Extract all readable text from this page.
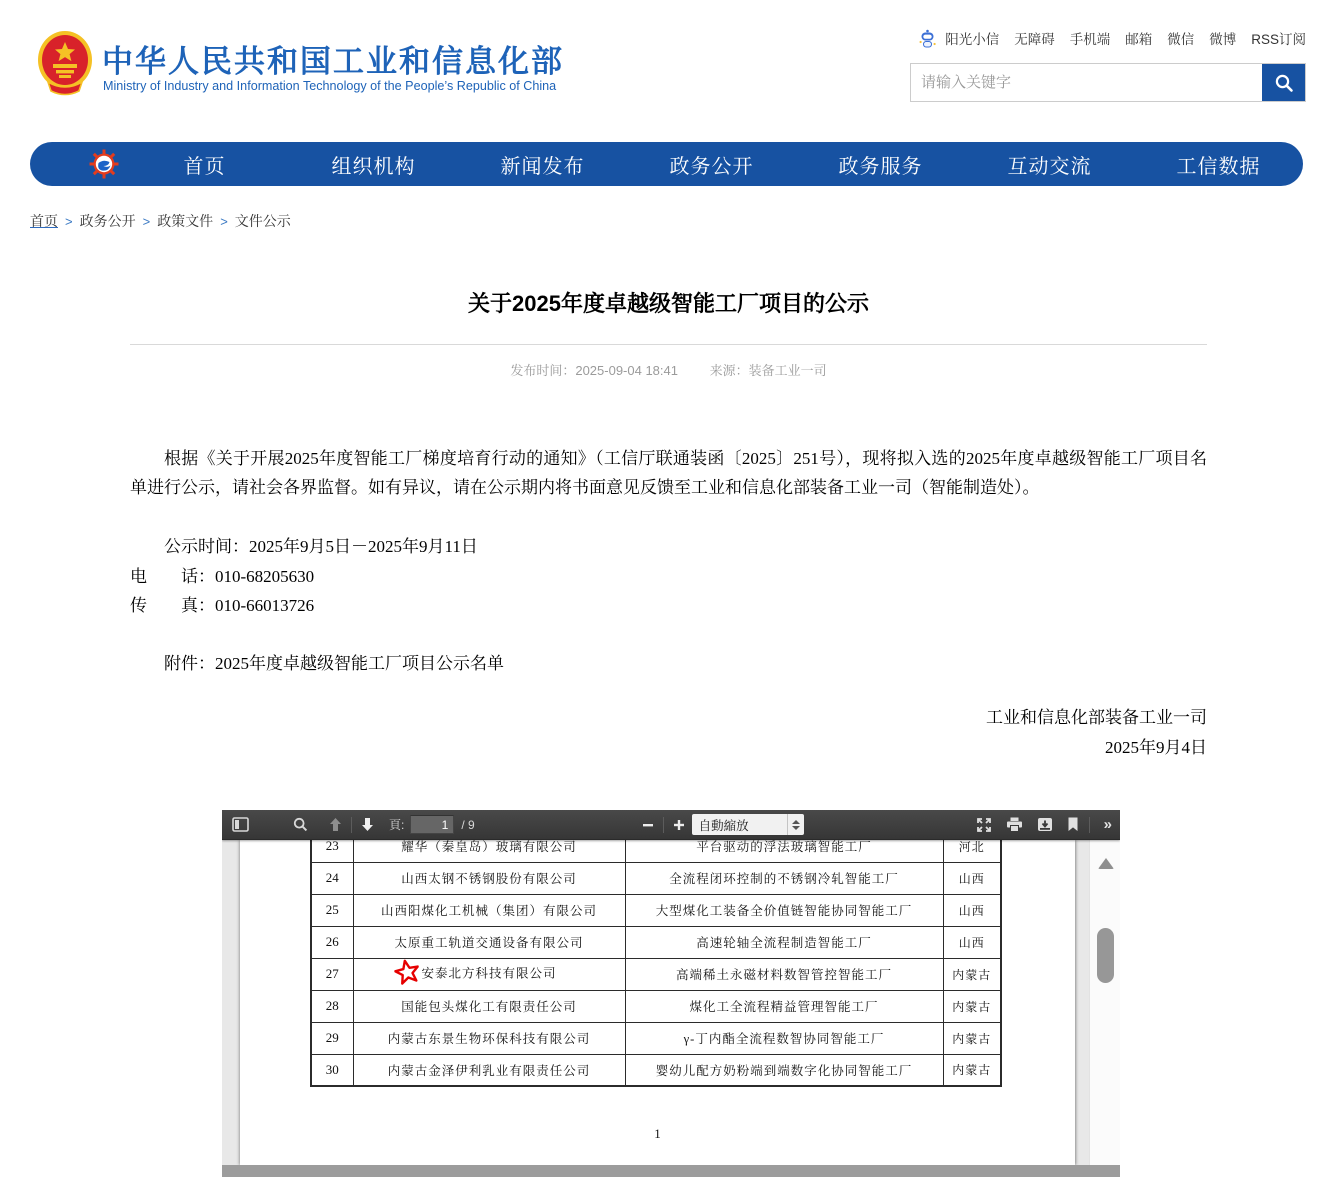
中华人民共和国工业和信息化部
Ministry of Industry and Information Technology of the People’s Republic of China
阳光小信 无障碍 手机端 邮箱 微信 微博 RSS订阅
请输入关键字
首页	组织机构	新闻发布	政务公开	政务服务	互动交流	工信数据
首页 > 政务公开 > 政策文件 > 文件公示
关于2025年度卓越级智能工厂项目的公示
发布时间：2025-09-04 18:41 来源：装备工业一司
根据《关于开展2025年度智能工厂梯度培育行动的通知》（工信厅联通装函〔2025〕251号），现将拟入选的2025年度卓越级智能工厂项目名单进行公示，请社会各界监督。如有异议，请在公示期内将书面意见反馈至工业和信息化部装备工业一司（智能制造处）。
公示时间：2025年9月5日－2025年9月11日
电　　话：010-68205630
传　　真：010-66013726
附件：2025年度卓越级智能工厂项目公示名单
工业和信息化部装备工业一司
2025年9月4日
頁:
1	/ 9	自動縮放	»
23	耀华（秦皇岛）玻璃有限公司	平台驱动的浮法玻璃智能工厂	河北
24	山西太钢不锈钢股份有限公司	全流程闭环控制的不锈钢冷轧智能工厂	山西
25	山西阳煤化工机械（集团）有限公司	大型煤化工装备全价值链智能协同智能工厂	山西
26	太原重工轨道交通设备有限公司	高速轮轴全流程制造智能工厂	山西
27	安泰北方科技有限公司	高端稀土永磁材料数智管控智能工厂	内蒙古
28	国能包头煤化工有限责任公司	煤化工全流程精益管理智能工厂	内蒙古
29	内蒙古东景生物环保科技有限公司	γ-丁内酯全流程数智协同智能工厂	内蒙古
30	内蒙古金泽伊利乳业有限责任公司	婴幼儿配方奶粉端到端数字化协同智能工厂	内蒙古
1
